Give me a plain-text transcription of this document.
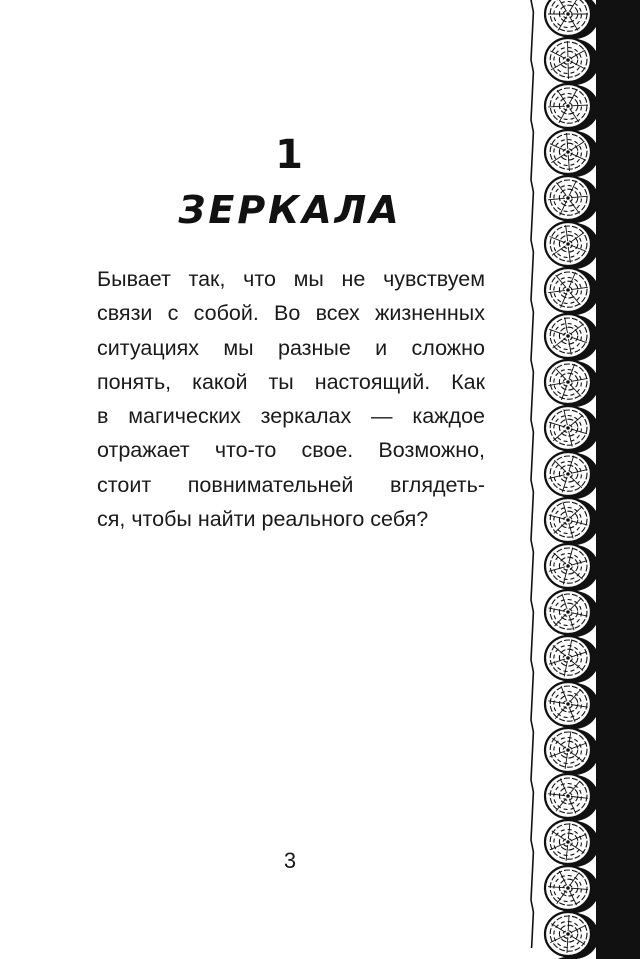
1
ЗЕРКАЛА
Бывает так, что мы не чувствуем
связи с собой. Во всех жизненных
ситуациях мы разные и сложно
понять, какой ты настоящий. Как
в магических зеркалах — каждое
отражает что-то свое. Возможно,
стоит повнимательней вглядеть-
ся, чтобы найти реального себя?
3
